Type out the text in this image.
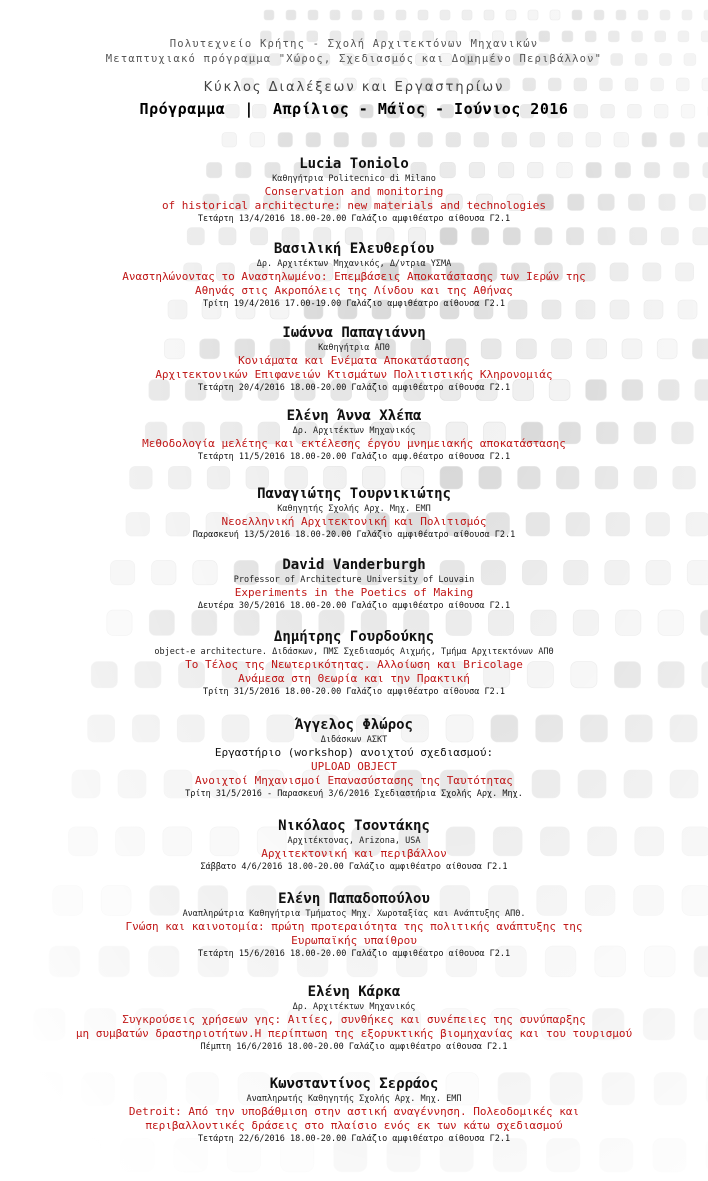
Πολυτεχνείο Κρήτης - Σχολή Αρχιτεκτόνων Μηχανικών
Μεταπτυχιακό πρόγραμμα "Χώρος, Σχεδιασμός και Δομημένο Περιβάλλον"
Κύκλος Διαλέξεων και Εργαστηρίων
Πρόγραμμα  |  Απρίλιος - Μάϊος - Ιούνιος 2016
Lucia Toniolo
Καθηγήτρια Politecnico di Milano
Conservation and monitoring
of historical architecture: new materials and technologies
Τετάρτη 13/4/2016 18.00-20.00 Γαλάζιο αμφιθέατρο αίθουσα Γ2.1
Βασιλική Ελευθερίου
Δρ. Αρχιτέκτων Μηχανικός, Δ/ντρια ΥΣΜΑ
Αναστηλώνοντας το Αναστηλωμένο: Επεμβάσεις Αποκατάστασης των Ιερών της
Αθηνάς στις Ακροπόλεις της Λίνδου και της Αθήνας
Τρίτη 19/4/2016 17.00-19.00 Γαλάζιο αμφιθέατρο αίθουσα Γ2.1
Ιωάννα Παπαγιάννη
Καθηγήτρια ΑΠΘ
Κονιάματα και Ενέματα Αποκατάστασης
Αρχιτεκτονικών Επιφανειών Κτισμάτων Πολιτιστικής Κληρονομιάς
Τετάρτη 20/4/2016 18.00-20.00 Γαλάζιο αμφιθέατρο αίθουσα Γ2.1
Ελένη Άννα Χλέπα
Δρ. Αρχιτέκτων Μηχανικός
Μεθοδολογία μελέτης και εκτέλεσης έργου μνημειακής αποκατάστασης
Τετάρτη 11/5/2016 18.00-20.00 Γαλάζιο αμφ.θέατρο αίθουσα Γ2.1
Παναγιώτης Τουρνικιώτης
Καθηγητής Σχολής Αρχ. Μηχ. ΕΜΠ
Νεοελληνική Αρχιτεκτονική και Πολιτισμός
Παρασκευή 13/5/2016 18.00-20.00 Γαλάζιο αμφιθέατρο αίθουσα Γ2.1
David Vanderburgh
Professor of Architecture University of Louvain
Experiments in the Poetics of Making
Δευτέρα 30/5/2016 18.00-20.00 Γαλάζιο αμφιθέατρο αίθουσα Γ2.1
Δημήτρης Γουρδούκης
object-e architecture. Διδάσκων, ΠΜΣ Σχεδιασμός Αιχμής, Τμήμα Αρχιτεκτόνων ΑΠΘ
Το Τέλος της Νεωτερικότητας. Αλλοίωση και Bricolage
Ανάμεσα στη Θεωρία και την Πρακτική
Τρίτη 31/5/2016 18.00-20.00 Γαλάζιο αμφιθέατρο αίθουσα Γ2.1
Άγγελος Φλώρος
Διδάσκων ΑΣΚΤ
Εργαστήριο (workshop) ανοιχτού σχεδιασμού:
UPLOAD OBJECT
Ανοιχτοί Μηχανισμοί Επανασύστασης της Ταυτότητας
Τρίτη 31/5/2016 - Παρασκευή 3/6/2016 Σχεδιαστήρια Σχολής Αρχ. Μηχ.
Νικόλαος Τσοντάκης
Αρχιτέκτονας, Arizona, USA
Αρχιτεκτονική και περιβάλλον
Σάββατο 4/6/2016 18.00-20.00 Γαλάζιο αμφιθέατρο αίθουσα Γ2.1
Ελένη Παπαδοπούλου
Αναπληρώτρια Καθηγήτρια Τμήματος Μηχ. Χωροταξίας και Ανάπτυξης ΑΠΘ.
Γνώση και καινοτομία: πρώτη προτεραιότητα της πολιτικής ανάπτυξης της
Ευρωπαϊκής υπαίθρου
Τετάρτη 15/6/2016 18.00-20.00 Γαλάζιο αμφιθέατρο αίθουσα Γ2.1
Ελένη Κάρκα
Δρ. Αρχιτέκτων Μηχανικός
Συγκρούσεις χρήσεων γης: Αιτίες, συνθήκες και συνέπειες της συνύπαρξης
μη συμβατών δραστηριοτήτων.Η περίπτωση της εξορυκτικής βιομηχανίας και του τουρισμού
Πέμπτη 16/6/2016 18.00-20.00 Γαλάζιο αμφιθέατρο αίθουσα Γ2.1
Κωνσταντίνος Σερράος
Αναπληρωτής Καθηγητής Σχολής Αρχ. Μηχ. ΕΜΠ
Detroit: Από την υποβάθμιση στην αστική αναγέννηση. Πολεοδομικές και
περιβαλλοντικές δράσεις στο πλαίσιο ενός εκ των κάτω σχεδιασμού
Τετάρτη 22/6/2016 18.00-20.00 Γαλάζιο αμφιθέατρο αίθουσα Γ2.1
